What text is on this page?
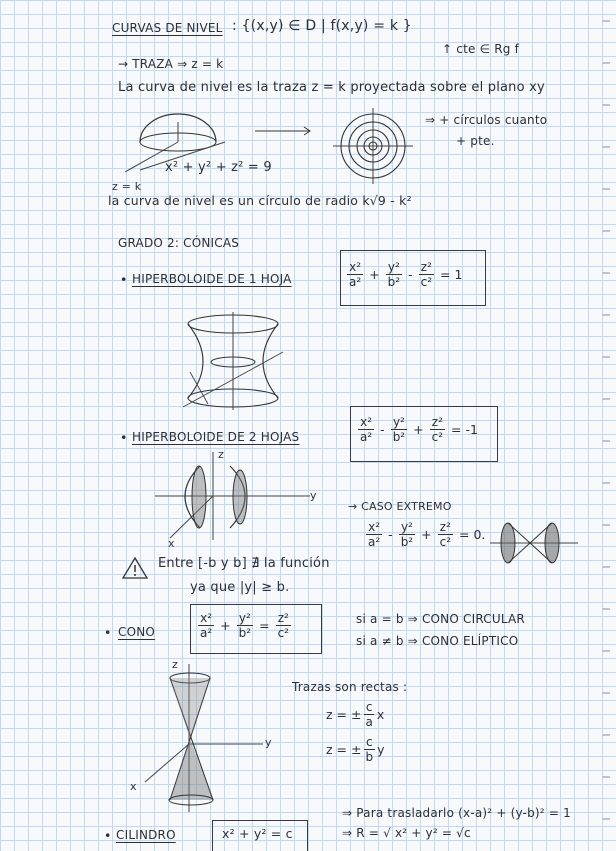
CURVAS DE NIVEL : {(x,y) ∈ D | f(x,y) = k }
↑ cte ∈ Rg f
→ TRAZA ⇒ z = k
La curva de nivel es la traza z = k proyectada sobre el plano xy
x² + y² + z² = 9
z = k
⇒ + círculos cuanto
+ pte.
la curva de nivel es un círculo de radio k√9 - k²
GRADO 2: CÓNICAS
• HIPERBOLOIDE DE 1 HOJA	$\frac{\text{x²}}{\text{a²}} + \frac{\text{y²}}{\text{b²}} - \frac{\text{z²}}{\text{c²}} = 1$
• HIPERBOLOIDE DE 2 HOJAS	$\frac{\text{x²}}{\text{a²}} - \frac{\text{y²}}{\text{b²}} + \frac{\text{z²}}{\text{c²}} = -1$
z
y
x
→ CASO EXTREMO
$\frac{\text{x²}}{\text{a²}} - \frac{\text{y²}}{\text{b²}} + \frac{\text{z²}}{\text{c²}} = 0$.
Entre [-b y b] ∄ la función
ya que |y| ≥ b.
• CONO	$\frac{\text{x²}}{\text{a²}} + \frac{\text{y²}}{\text{b²}} = \frac{\text{z²}}{\text{c²}}$	si a = b ⇒ CONO CIRCULAR
si a ≠ b ⇒ CONO ELÍPTICO
z
y
x
Trazas son rectas :
z = ± $\frac{c}{a}$ x
z = ± $\frac{c}{b}$ y
⇒ Para trasladarlo (x-a)² + (y-b)² = 1
• CILINDRO	x² + y² = c	⇒ R = √ x² + y² = √c
